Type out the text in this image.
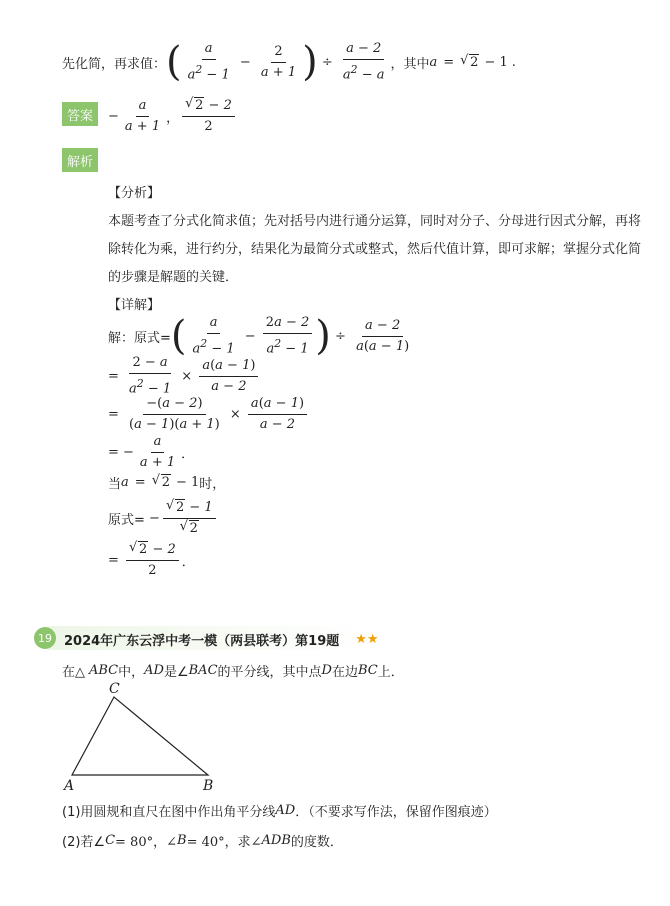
先化简，再求值： ( $\frac{a}{a^2 - 1} - \frac{2}{a + 1}$ ) ÷ $\frac{a - 2}{a^2 - a}$ ，其中 a =	√ 2 − 1 .
答案	− $\frac{a}{a + 1}$ ， √ $\frac{2 - 2}{2}$
解析
【分析】
本题考查了分式化简求值；先对括号内进行通分运算，同时对分子、分母进行因式分解，再将
除转化为乘，进行约分，结果化为最简分式或整式，然后代值计算，即可求解；掌握分式化简
的步骤是解题的关键．
【详解】
解：原式= ( $\frac{a}{a^2 - 1} - \frac{2a - 2}{a^2 - 1}$ ) ÷ $\frac{a - 2}{a(a - 1)}$
= $\frac{2 - a}{a^2 - 1} \times \frac{a(a - 1)}{a - 2}$
= $\frac{-(a - 2)}{(a - 1)(a + 1)} \times \frac{a(a - 1)}{a - 2}$
= − $\frac{a}{a + 1}$ ．
当 a =	√ 2 − 1 时，
原式= − √ 2 − 1
√ 2
= √ $\frac{2 - 2}{2}$ ．
19 2024年广东云浮中考一模（两县联考）第19题 ★★
在△ ABC 中， AD 是∠ BAC 的平分线，其中点 D 在边 BC 上．
C
A	B
(1)用圆规和直尺在图中作出角平分线 AD ．（不要求写作法，保留作图痕迹）
(2)若∠ C = 80°，∠ B = 40°，求∠ ADB 的度数．
